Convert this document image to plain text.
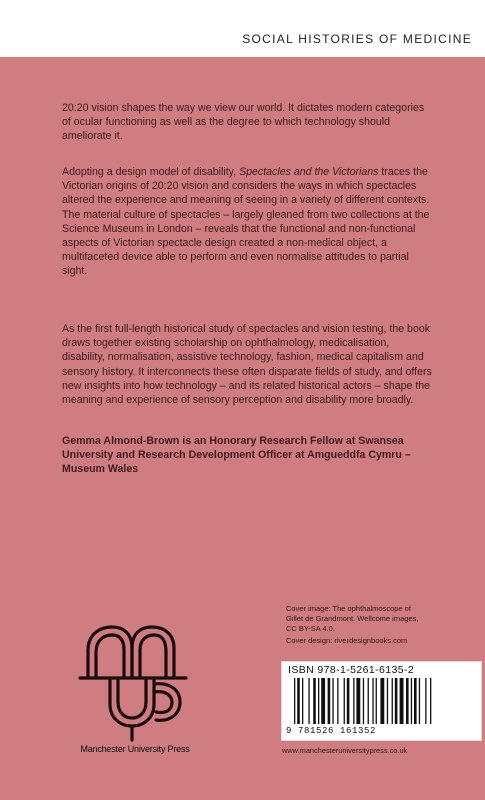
SOCIAL HISTORIES OF MEDICINE
20:20 vision shapes the way we view our world. It dictates modern categories of ocular functioning as well as the degree to which technology should ameliorate it.
Adopting a design model of disability, Spectacles and the Victorians traces the Victorian origins of 20:20 vision and considers the ways in which spectacles altered the experience and meaning of seeing in a variety of different contexts. The material culture of spectacles – largely gleaned from two collections at the Science Museum in London – reveals that the functional and non-functional aspects of Victorian spectacle design created a non-medical object, a multifaceted device able to perform and even normalise attitudes to partial sight.
As the first full-length historical study of spectacles and vision testing, the book draws together existing scholarship on ophthalmology, medicalisation, disability, normalisation, assistive technology, fashion, medical capitalism and sensory history. It interconnects these often disparate fields of study, and offers new insights into how technology – and its related historical actors – shape the meaning and experience of sensory perception and disability more broadly.
Gemma Almond-Brown is an Honorary Research Fellow at Swansea University and Research Development Officer at Amgueddfa Cymru – Museum Wales
Manchester University Press
Cover image: The ophthalmoscope of
Gillet de Grandmont. Wellcome images,
CC BY-SA 4.0.
Cover design: riverdesignbooks.com
ISBN 978-1-5261-6135-2
9 781526 161352
www.manchesteruniversitypress.co.uk
